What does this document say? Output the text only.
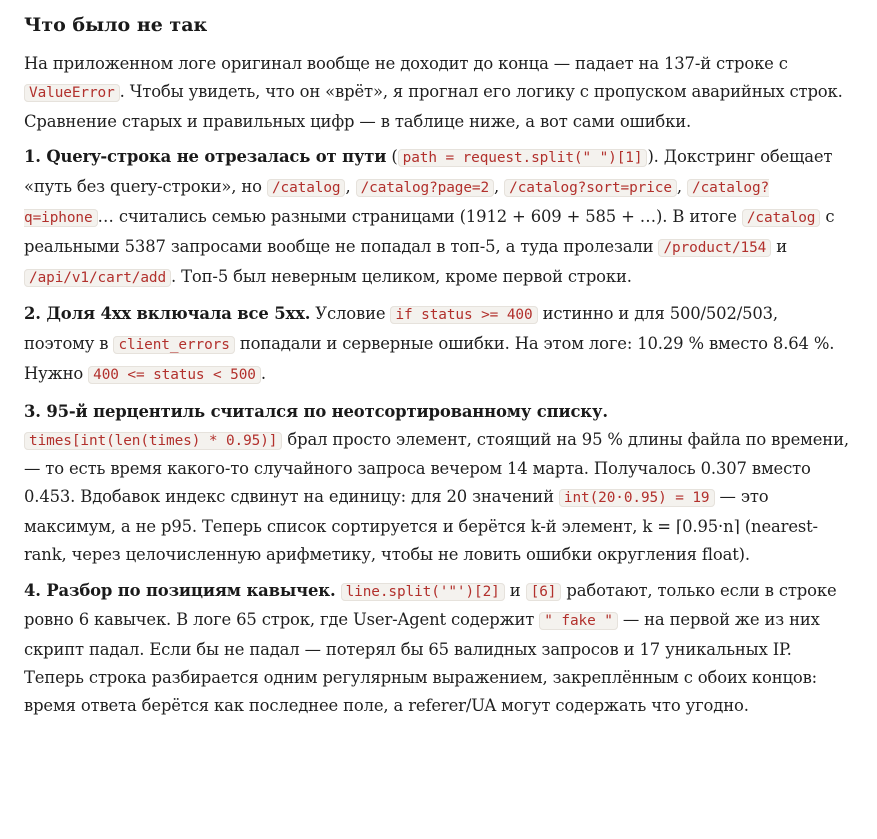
Что было не так

На приложенном логе оригинал вообще не доходит до конца — падает на 137-й строке с ValueError . Чтобы увидеть, что он «врёт», я прогнал его логику с пропуском аварийных строк. Сравнение старых и правильных цифр — в таблице ниже, а вот сами ошибки.

1. Query-строка не отрезалась от пути ( path = request.split(" ")[1] ). Докстринг обещает «путь без query-строки», но /catalog , /catalog?page=2 , /catalog?sort=price , /catalog?q=iphone … считались семью разными страницами (1912 + 609 + 585 + …). В итоге /catalog с реальными 5387 запросами вообще не попадал в топ-5, а туда пролезали /product/154 и /api/v1/cart/add . Топ-5 был неверным целиком, кроме первой строки.

2. Доля 4xx включала все 5xx. Условие if status >= 400 истинно и для 500/502/503, поэтому в client_errors попадали и серверные ошибки. На этом логе: 10.29 % вместо 8.64 %. Нужно 400 <= status < 500 .

3. 95-й перцентиль считался по неотсортированному списку.
times[int(len(times) * 0.95)] брал просто элемент, стоящий на 95 % длины файла по времени, — то есть время какого-то случайного запроса вечером 14 марта. Получалось 0.307 вместо 0.453. Вдобавок индекс сдвинут на единицу: для 20 значений int(20·0.95) = 19 — это максимум, а не p95. Теперь список сортируется и берётся k-й элемент, k = ⌈0.95·n⌉ (nearest-rank, через целочисленную арифметику, чтобы не ловить ошибки округления float).

4. Разбор по позициям кавычек. line.split('"')[2] и [6] работают, только если в строке ровно 6 кавычек. В логе 65 строк, где User-Agent содержит " fake " — на первой же из них скрипт падал. Если бы не падал — потерял бы 65 валидных запросов и 17 уникальных IP. Теперь строка разбирается одним регулярным выражением, закреплённым с обоих концов: время ответа берётся как последнее поле, а referer/UA могут содержать что угодно.
